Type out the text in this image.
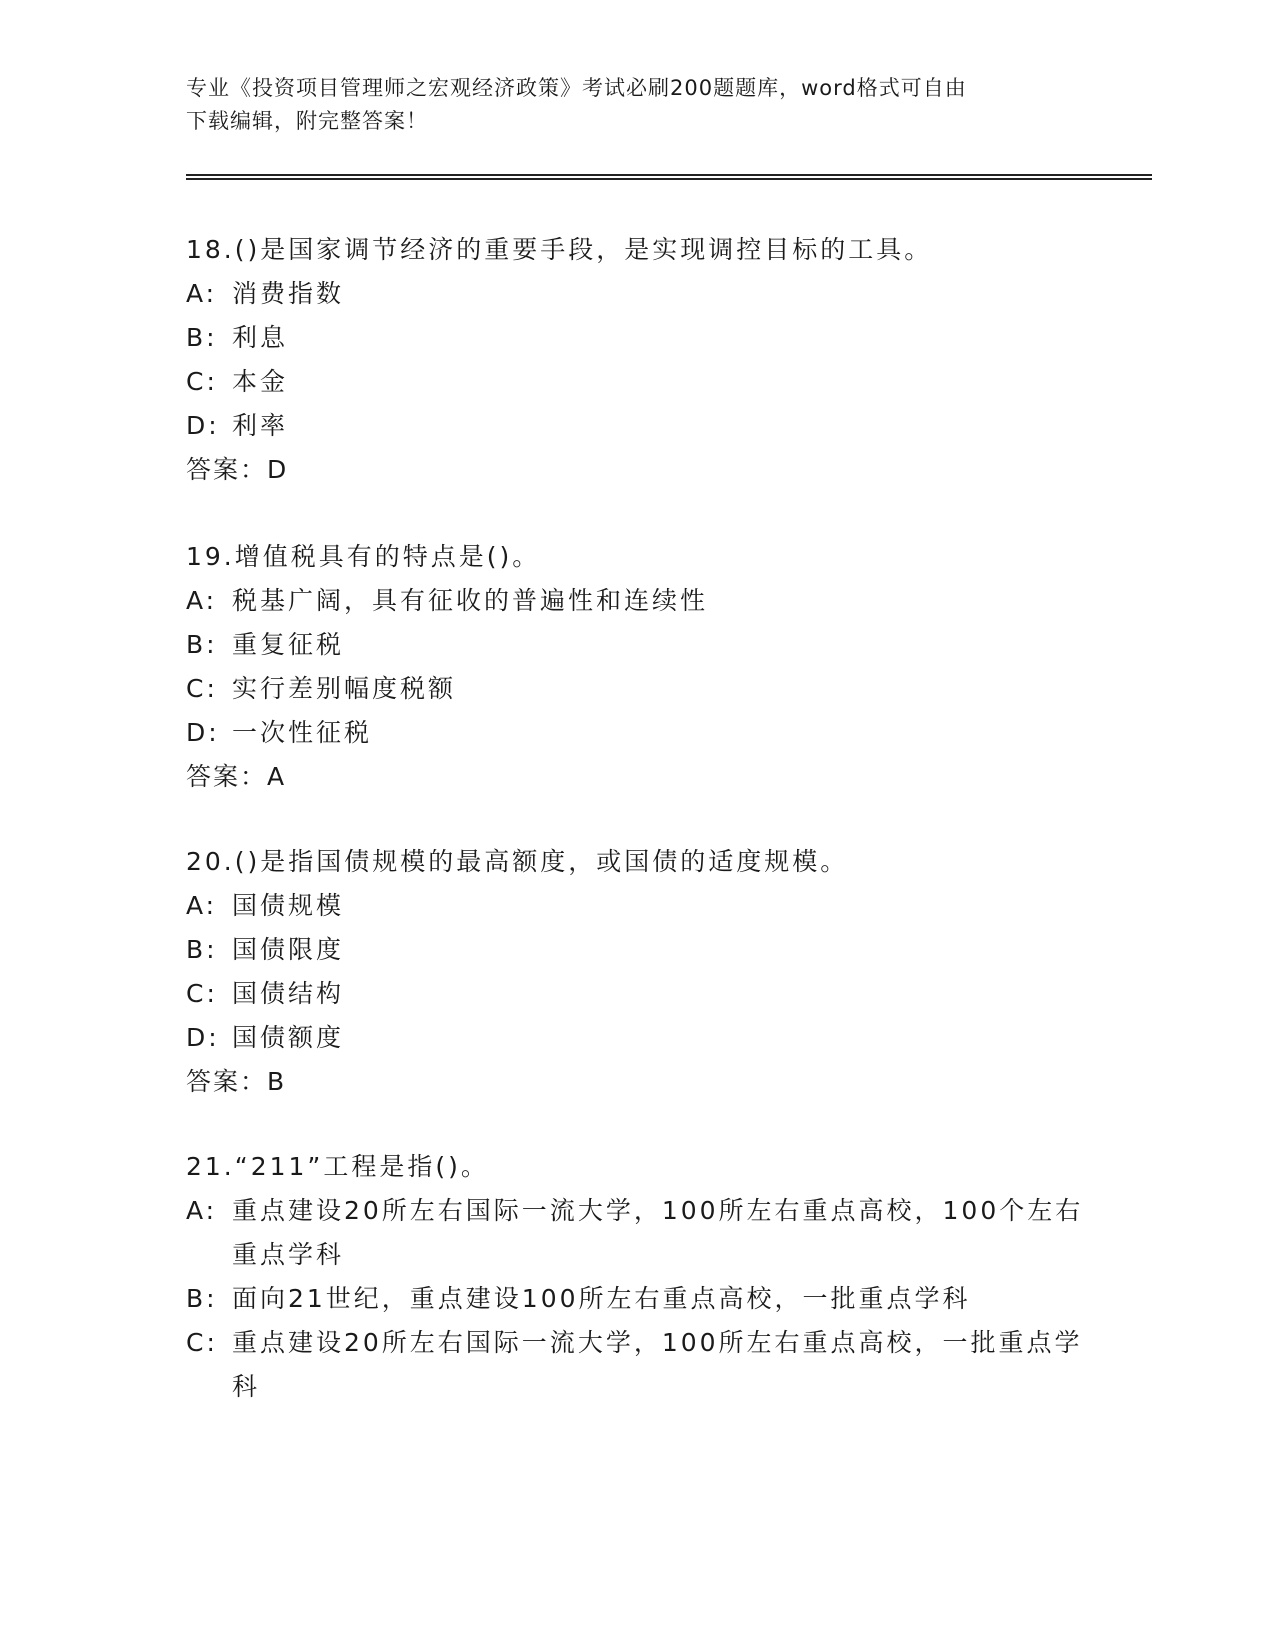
专业《投资项目管理师之宏观经济政策》考试必刷200题题库，word格式可自由
下载编辑，附完整答案！
18.()是国家调节经济的重要手段，是实现调控目标的工具。
A: 消费指数
B: 利息
C: 本金
D: 利率
答案：D
19.增值税具有的特点是()。
A: 税基广阔，具有征收的普遍性和连续性
B: 重复征税
C: 实行差别幅度税额
D: 一次性征税
答案：A
20.()是指国债规模的最高额度，或国债的适度规模。
A: 国债规模
B: 国债限度
C: 国债结构
D: 国债额度
答案：B
21.“211”工程是指()。
A: 重点建设20所左右国际一流大学，100所左右重点高校，100个左右重点学科
B: 面向21世纪，重点建设100所左右重点高校，一批重点学科
C: 重点建设20所左右国际一流大学，100所左右重点高校，一批重点学科
